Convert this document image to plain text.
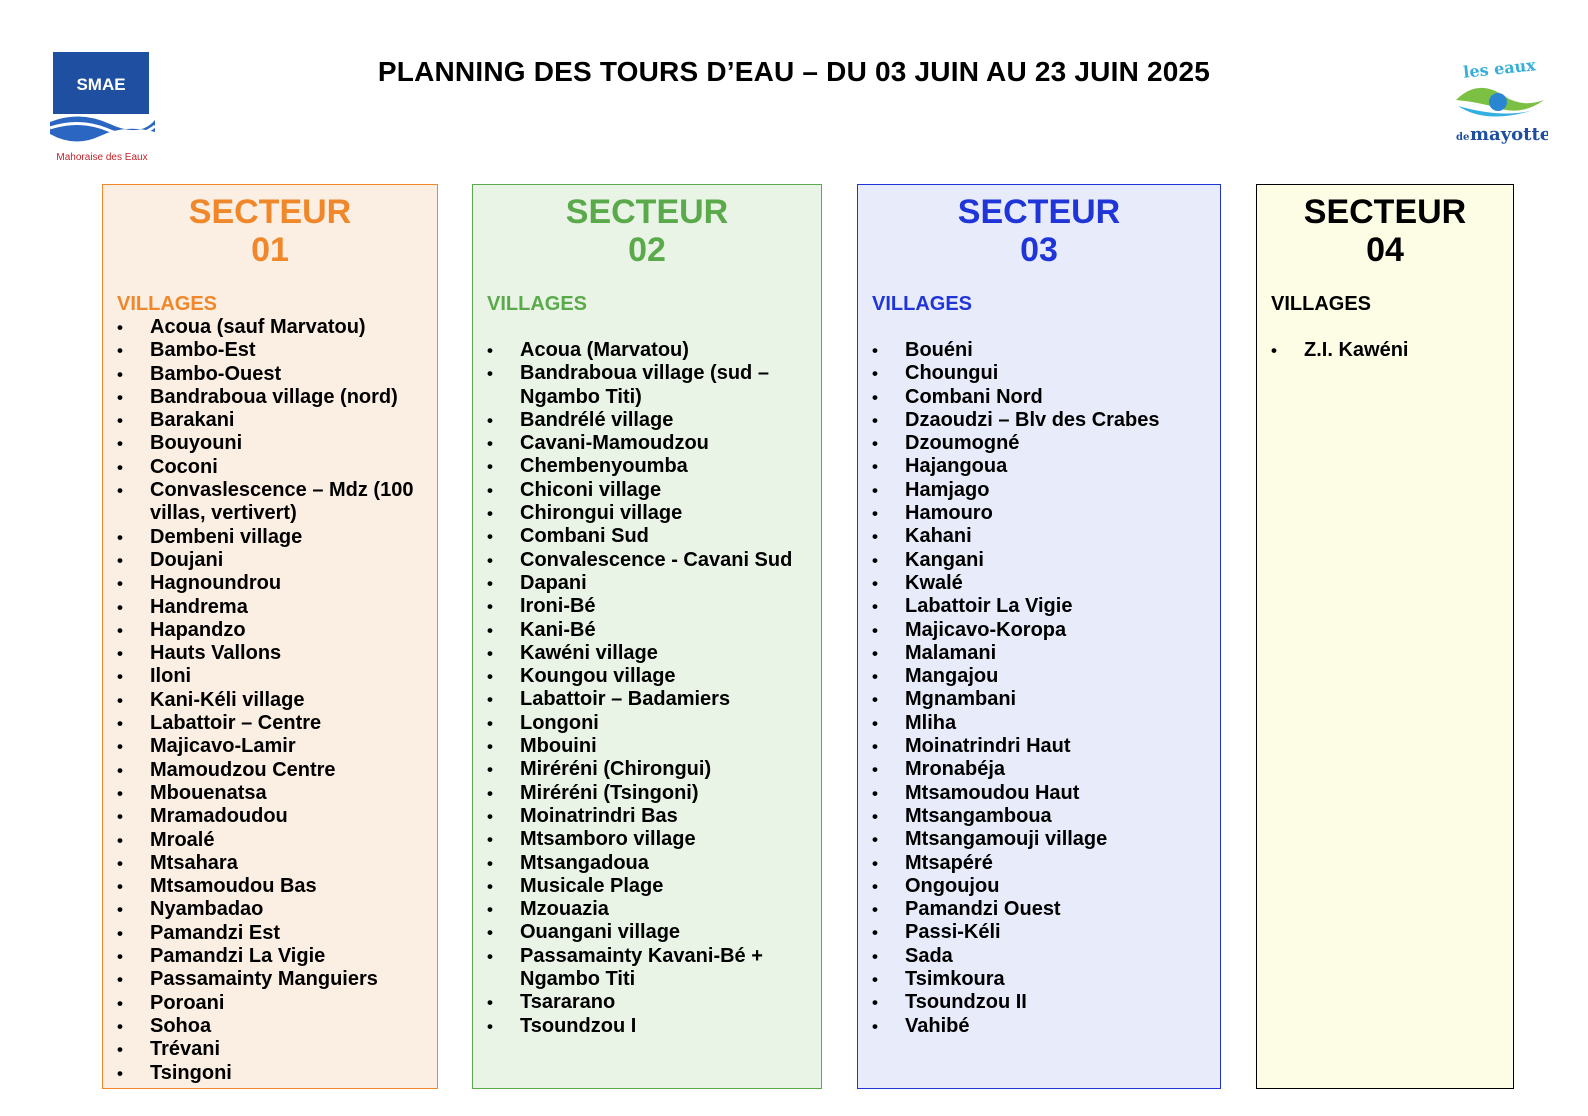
SMAE
Mahoraise des Eaux
les eaux
de mayotte
PLANNING DES TOURS D’EAU – DU 03 JUIN AU 23 JUIN 2025
SECTEUR
01
VILLAGES
• Acoua (sauf Marvatou)
• Bambo-Est
• Bambo-Ouest
• Bandraboua village (nord)
• Barakani
• Bouyouni
• Coconi
• Convaslescence – Mdz (100 villas, vertivert)
• Dembeni village
• Doujani
• Hagnoundrou
• Handrema
• Hapandzo
• Hauts Vallons
• Iloni
• Kani-Kéli village
• Labattoir – Centre
• Majicavo-Lamir
• Mamoudzou Centre
• Mbouenatsa
• Mramadoudou
• Mroalé
• Mtsahara
• Mtsamoudou Bas
• Nyambadao
• Pamandzi Est
• Pamandzi La Vigie
• Passamainty Manguiers
• Poroani
• Sohoa
• Trévani
• Tsingoni
SECTEUR
02
VILLAGES
• Acoua (Marvatou)
• Bandraboua village (sud – Ngambo Titi)
• Bandrélé village
• Cavani-Mamoudzou
• Chembenyoumba
• Chiconi village
• Chirongui village
• Combani Sud
• Convalescence - Cavani Sud
• Dapani
• Ironi-Bé
• Kani-Bé
• Kawéni village
• Koungou village
• Labattoir – Badamiers
• Longoni
• Mbouini
• Miréréni (Chirongui)
• Miréréni (Tsingoni)
• Moinatrindri Bas
• Mtsamboro village
• Mtsangadoua
• Musicale Plage
• Mzouazia
• Ouangani village
• Passamainty Kavani-Bé + Ngambo Titi
• Tsararano
• Tsoundzou I
SECTEUR
03
VILLAGES
• Bouéni
• Choungui
• Combani Nord
• Dzaoudzi – Blv des Crabes
• Dzoumogné
• Hajangoua
• Hamjago
• Hamouro
• Kahani
• Kangani
• Kwalé
• Labattoir La Vigie
• Majicavo-Koropa
• Malamani
• Mangajou
• Mgnambani
• Mliha
• Moinatrindri Haut
• Mronabéja
• Mtsamoudou Haut
• Mtsangamboua
• Mtsangamouji village
• Mtsapéré
• Ongoujou
• Pamandzi Ouest
• Passi-Kéli
• Sada
• Tsimkoura
• Tsoundzou II
• Vahibé
SECTEUR
04
VILLAGES
• Z.I. Kawéni
